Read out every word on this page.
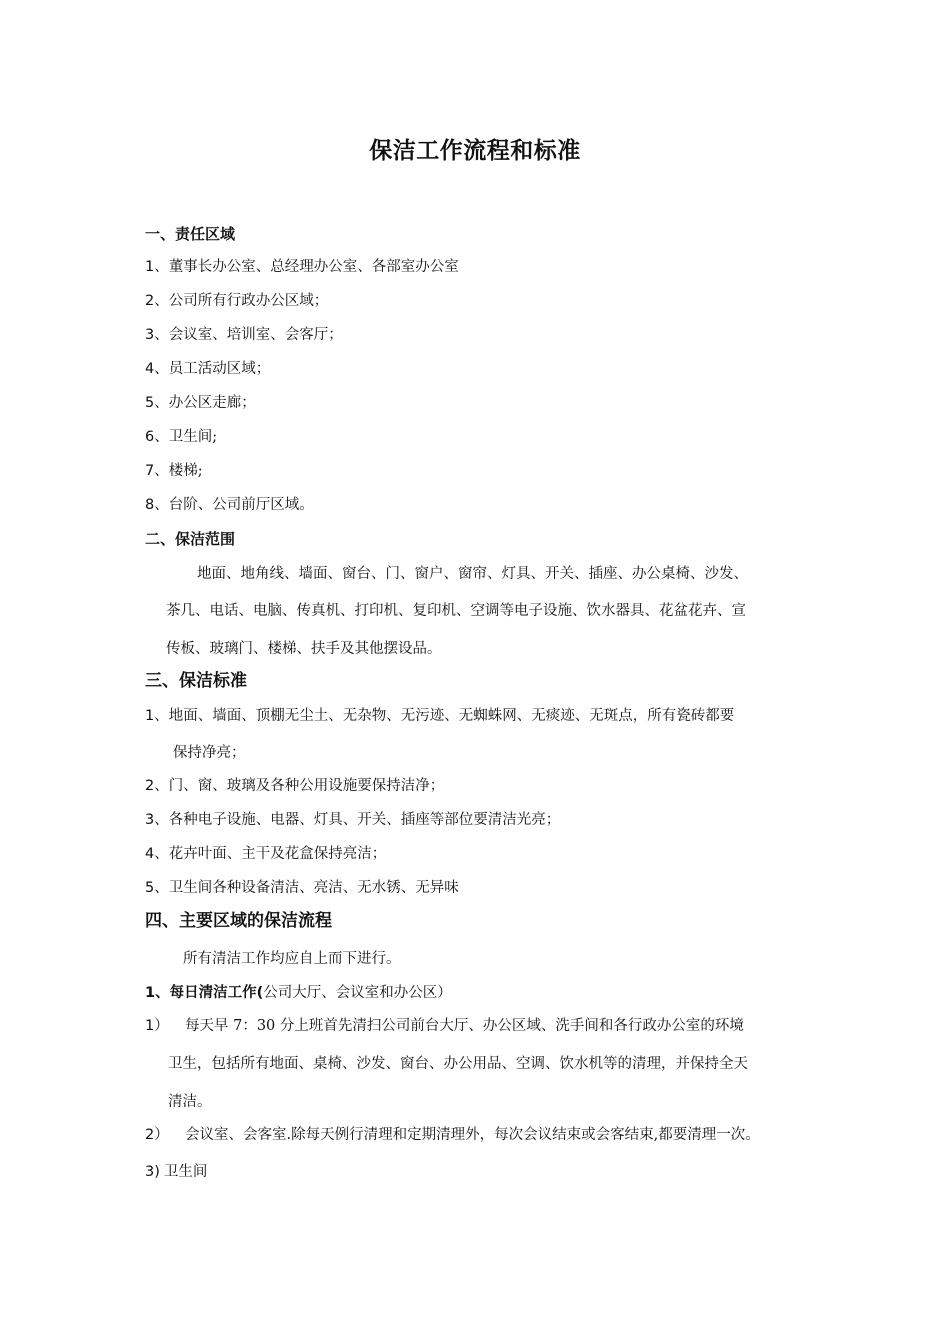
保洁工作流程和标准
一、责任区域
1、董事长办公室、总经理办公室、各部室办公室
2、公司所有行政办公区域；
3、会议室、培训室、会客厅；
4、员工活动区域；
5、办公区走廊；
6、卫生间;
7、楼梯;
8、台阶、公司前厅区域。
二、保洁范围
地面、地角线、墙面、窗台、门、窗户、窗帘、灯具、开关、插座、办公桌椅、沙发、
茶几、电话、电脑、传真机、打印机、复印机、空调等电子设施、饮水器具、花盆花卉、宣
传板、玻璃门、楼梯、扶手及其他摆设品。
三、保洁标准
1、地面、墙面、顶棚无尘土、无杂物、无污迹、无蜘蛛网、无痰迹、无斑点，所有瓷砖都要
保持净亮；
2、门、窗、玻璃及各种公用设施要保持洁净；
3、各种电子设施、电器、灯具、开关、插座等部位要清洁光亮；
4、花卉叶面、主干及花盒保持亮洁；
5、卫生间各种设备清洁、亮洁、无水锈、无异味
四、主要区域的保洁流程
所有清洁工作均应自上而下进行。
1、每日清洁工作(公司大厅、会议室和办公区）
1） 每天早 7：30 分上班首先清扫公司前台大厅、办公区域、洗手间和各行政办公室的环境
卫生，包括所有地面、桌椅、沙发、窗台、办公用品、空调、饮水机等的清理，并保持全天
清洁。
2） 会议室、会客室.除每天例行清理和定期清理外，每次会议结束或会客结束,都要清理一次。
3) 卫生间
